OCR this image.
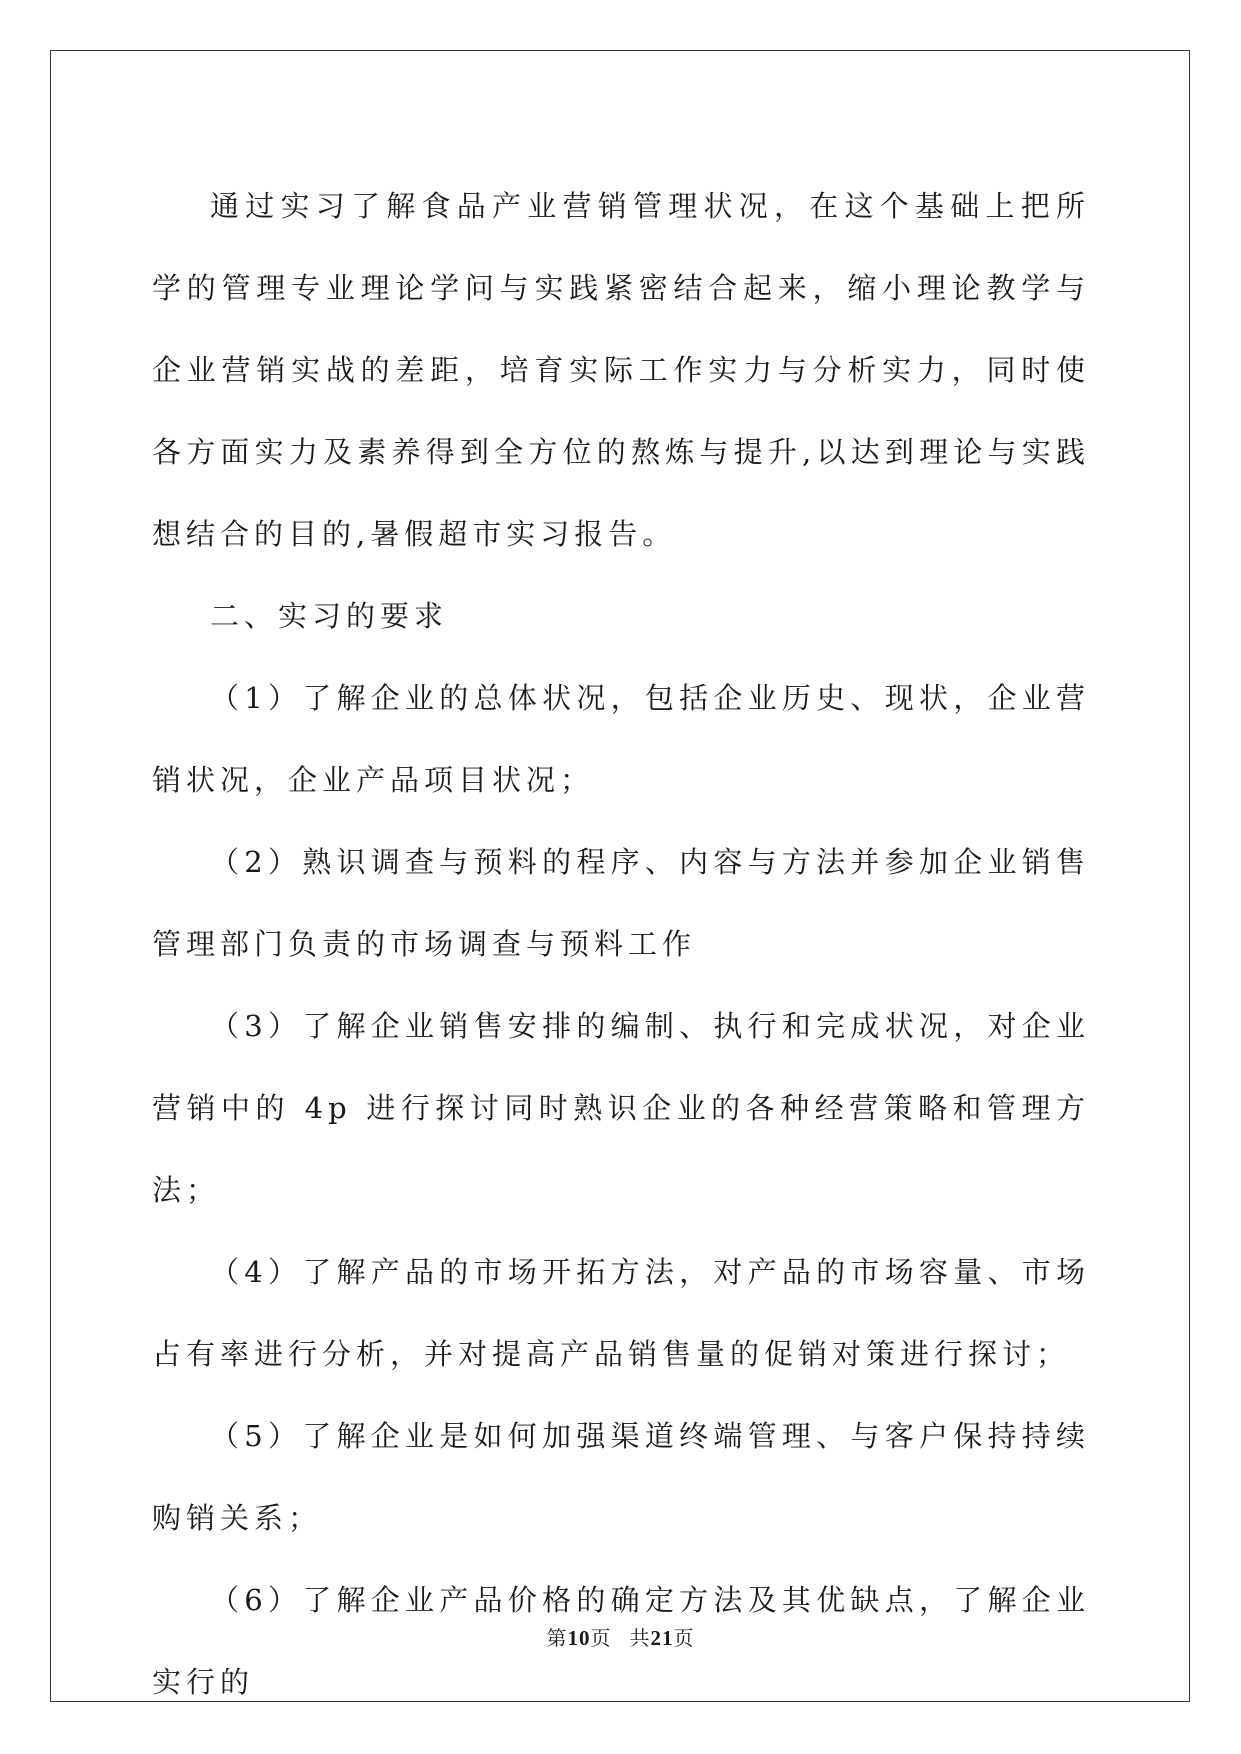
通过实习了解食品产业营销管理状况，在这个基础上把所学的管理专业理论学问与实践紧密结合起来，缩小理论教学与企业营销实战的差距，培育实际工作实力与分析实力，同时使各方面实力及素养得到全方位的熬炼与提升,以达到理论与实践想结合的目的,暑假超市实习报告。

二、实习的要求

（1）了解企业的总体状况，包括企业历史、现状，企业营销状况，企业产品项目状况；

（2）熟识调查与预料的程序、内容与方法并参加企业销售管理部门负责的市场调查与预料工作

（3）了解企业销售安排的编制、执行和完成状况，对企业营销中的 4p 进行探讨同时熟识企业的各种经营策略和管理方法；

（4）了解产品的市场开拓方法，对产品的市场容量、市场占有率进行分析，并对提高产品销售量的促销对策进行探讨；

（5）了解企业是如何加强渠道终端管理、与客户保持持续购销关系；

（6）了解企业产品价格的确定方法及其优缺点，了解企业实行的

第10页 共21页
